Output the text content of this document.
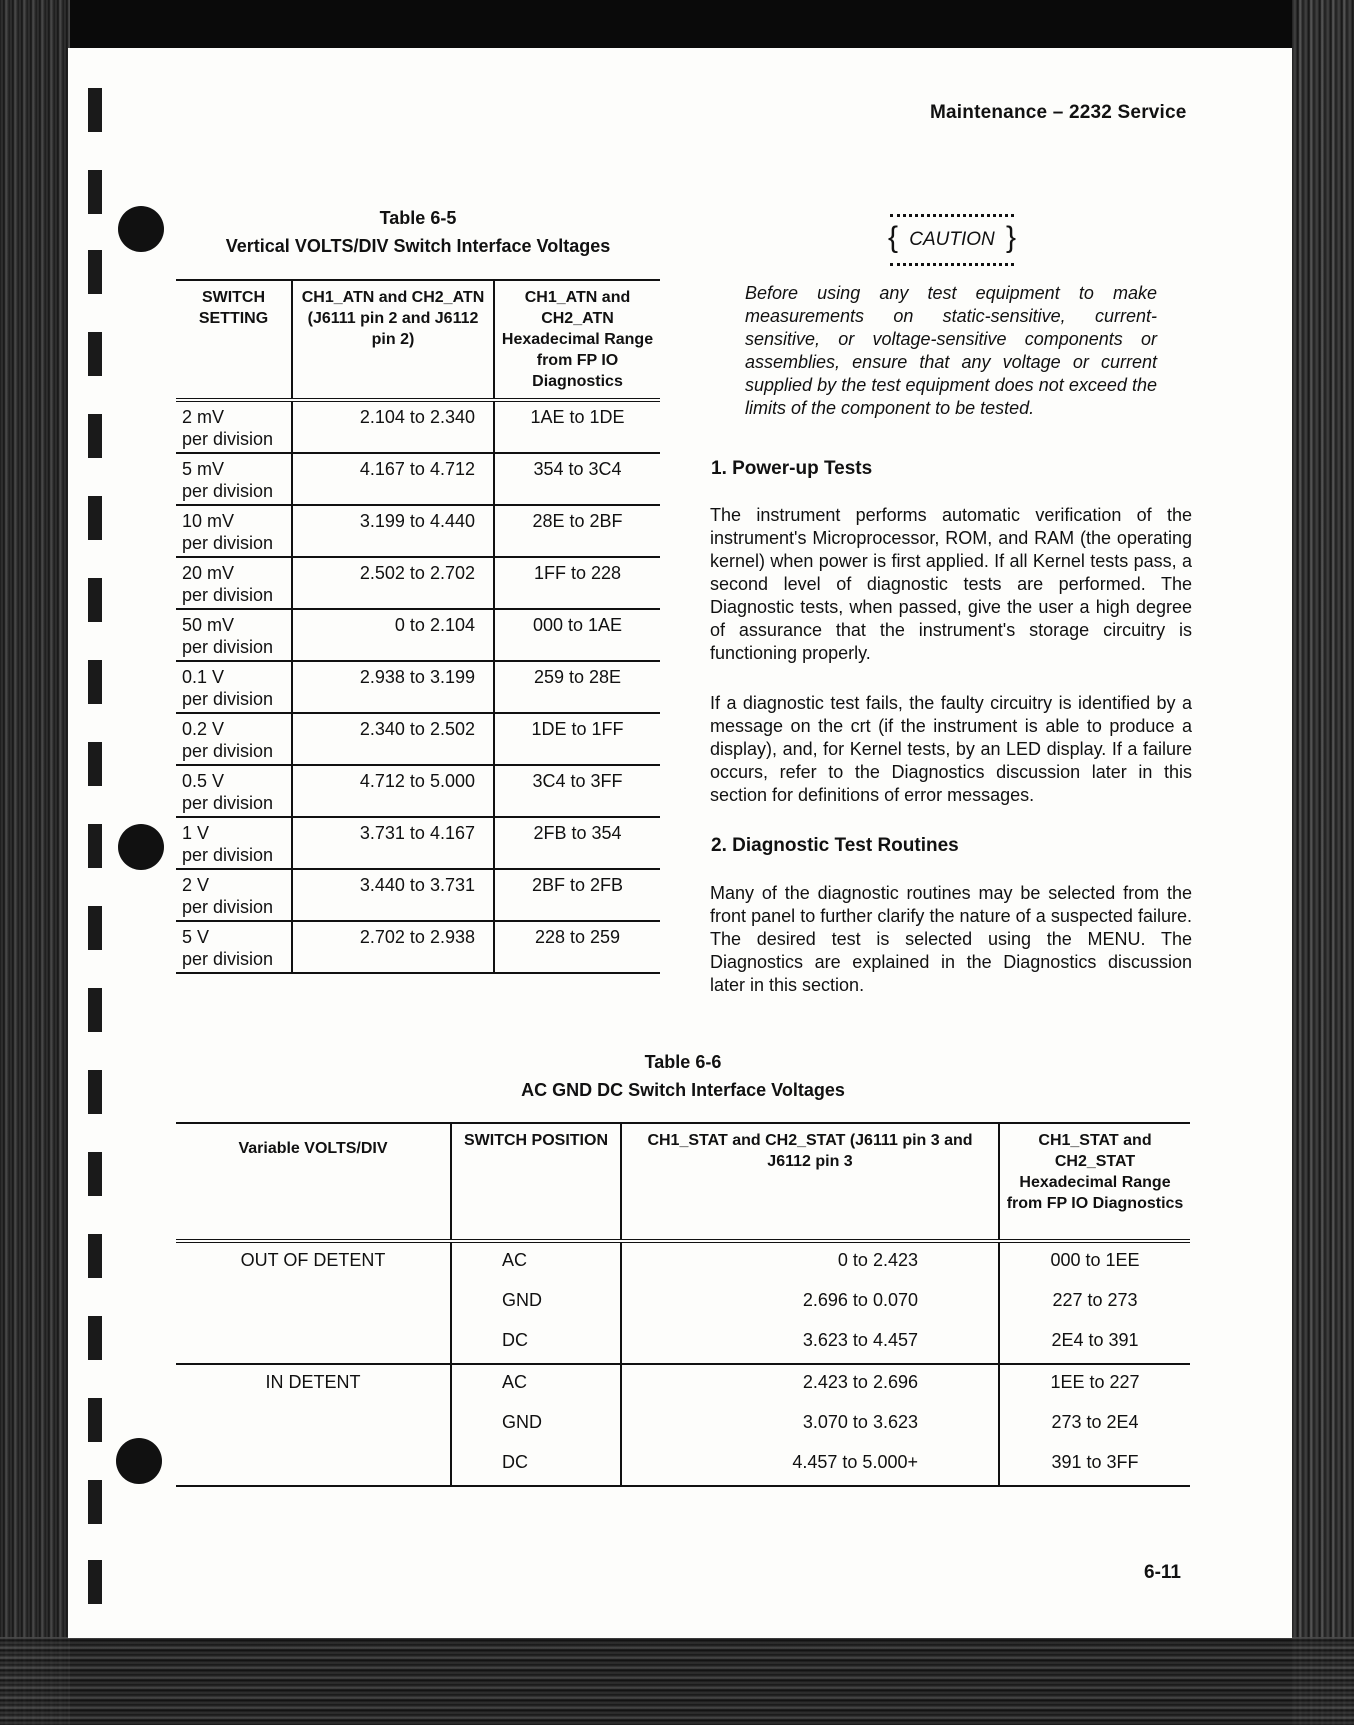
Maintenance – 2232 Service
Table 6-5
Vertical VOLTS/DIV Switch Interface Voltages
SWITCH SETTING	CH1_ATN and CH2_ATN (J6111 pin 2 and J6112 pin 2)	CH1_ATN and CH2_ATN Hexadecimal Range from FP IO Diagnostics

2 mV
per division	2.104 to 2.340	1AE to 1DE

5 mV
per division	4.167 to 4.712	354 to 3C4

10 mV
per division	3.199 to 4.440	28E to 2BF

20 mV
per division	2.502 to 2.702	1FF to 228

50 mV
per division	0 to 2.104	000 to 1AE

0.1 V
per division	2.938 to 3.199	259 to 28E

0.2 V
per division	2.340 to 2.502	1DE to 1FF

0.5 V
per division	4.712 to 5.000	3C4 to 3FF

1 V
per division	3.731 to 4.167	2FB to 354

2 V
per division	3.440 to 3.731	2BF to 2FB

5 V
per division	2.702 to 2.938	228 to 259
{ CAUTION }
Before using any test equipment to make measurements on static-sensitive, current-sensitive, or voltage-sensitive components or assemblies, ensure that any voltage or current supplied by the test equipment does not exceed the limits of the component to be tested.
1. Power-up Tests
The instrument performs automatic verification of the instrument's Microprocessor, ROM, and RAM (the operating kernel) when power is first applied. If all Kernel tests pass, a second level of diagnostic tests are performed. The Diagnostic tests, when passed, give the user a high degree of assurance that the instrument's storage circuitry is functioning properly.
If a diagnostic test fails, the faulty circuitry is identified by a message on the crt (if the instrument is able to produce a display), and, for Kernel tests, by an LED display. If a failure occurs, refer to the Diagnostics discussion later in this section for definitions of error messages.
2. Diagnostic Test Routines
Many of the diagnostic routines may be selected from the front panel to further clarify the nature of a suspected failure. The desired test is selected using the MENU. The Diagnostics are explained in the Diagnostics discussion later in this section.
Table 6-6
AC GND DC Switch Interface Voltages
Variable VOLTS/DIV	SWITCH POSITION	CH1_STAT and CH2_STAT (J6111 pin 3 and J6112 pin 3	CH1_STAT and CH2_STAT Hexadecimal Range from FP IO Diagnostics
OUT OF DETENT	AC	0 to 2.423	000 to 1EE
	GND	2.696 to 0.070	227 to 273
	DC	3.623 to 4.457	2E4 to 391
IN DETENT	AC	2.423 to 2.696	1EE to 227
	GND	3.070 to 3.623	273 to 2E4
	DC	4.457 to 5.000+	391 to 3FF
6-11
